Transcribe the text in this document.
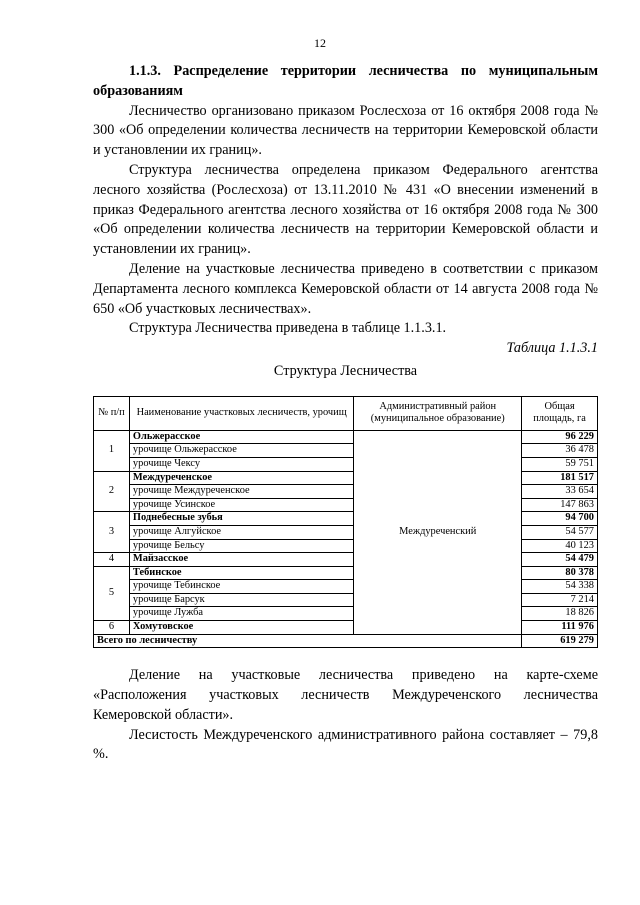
12

1.1.3. Распределение территории лесничества по муниципальным образованиям

Лесничество организовано приказом Рослесхоза от 16 октября 2008 года № 300 «Об определении количества лесничеств на территории Кемеровской области и установлении их границ».

Структура лесничества определена приказом Федерального агентства лесного хозяйства (Рослесхоза) от 13.11.2010 № 431 «О внесении изменений в приказ Федерального агентства лесного хозяйства от 16 октября 2008 года № 300 «Об определении количества лесничеств на территории Кемеровской области и установлении их границ».

Деление на участковые лесничества приведено в соответствии с приказом Департамента лесного комплекса Кемеровской области от 14 августа 2008 года № 650 «Об участковых лесничествах».

Структура Лесничества приведена в таблице 1.1.3.1.

Таблица 1.1.3.1

Структура Лесничества

№ п/п	Наименование участковых лесничеств, урочищ	Административный район (муниципальное образование)	Общая площадь, га
1	Ольжерасское	Междуреченский	96 229
	урочище Ольжерасское		36 478
	урочище Чексу		59 751
2	Междуреченское		181 517
	урочище Междуреченское		33 654
	урочище Усинское		147 863
3	Поднебесные зубья		94 700
	урочище Алгуйское		54 577
	урочище Бельсу		40 123
4	Майзасское		54 479
5	Тебинское		80 378
	урочище Тебинское		54 338
	урочище Барсук		7 214
	урочище Лужба		18 826
6	Хомутовское		111 976
Всего по лесничеству			619 279

Деление на участковые лесничества приведено на карте-схеме «Расположения участковых лесничеств Междуреченского лесничества Кемеровской области».

Лесистость Междуреченского административного района составляет – 79,8 %.
